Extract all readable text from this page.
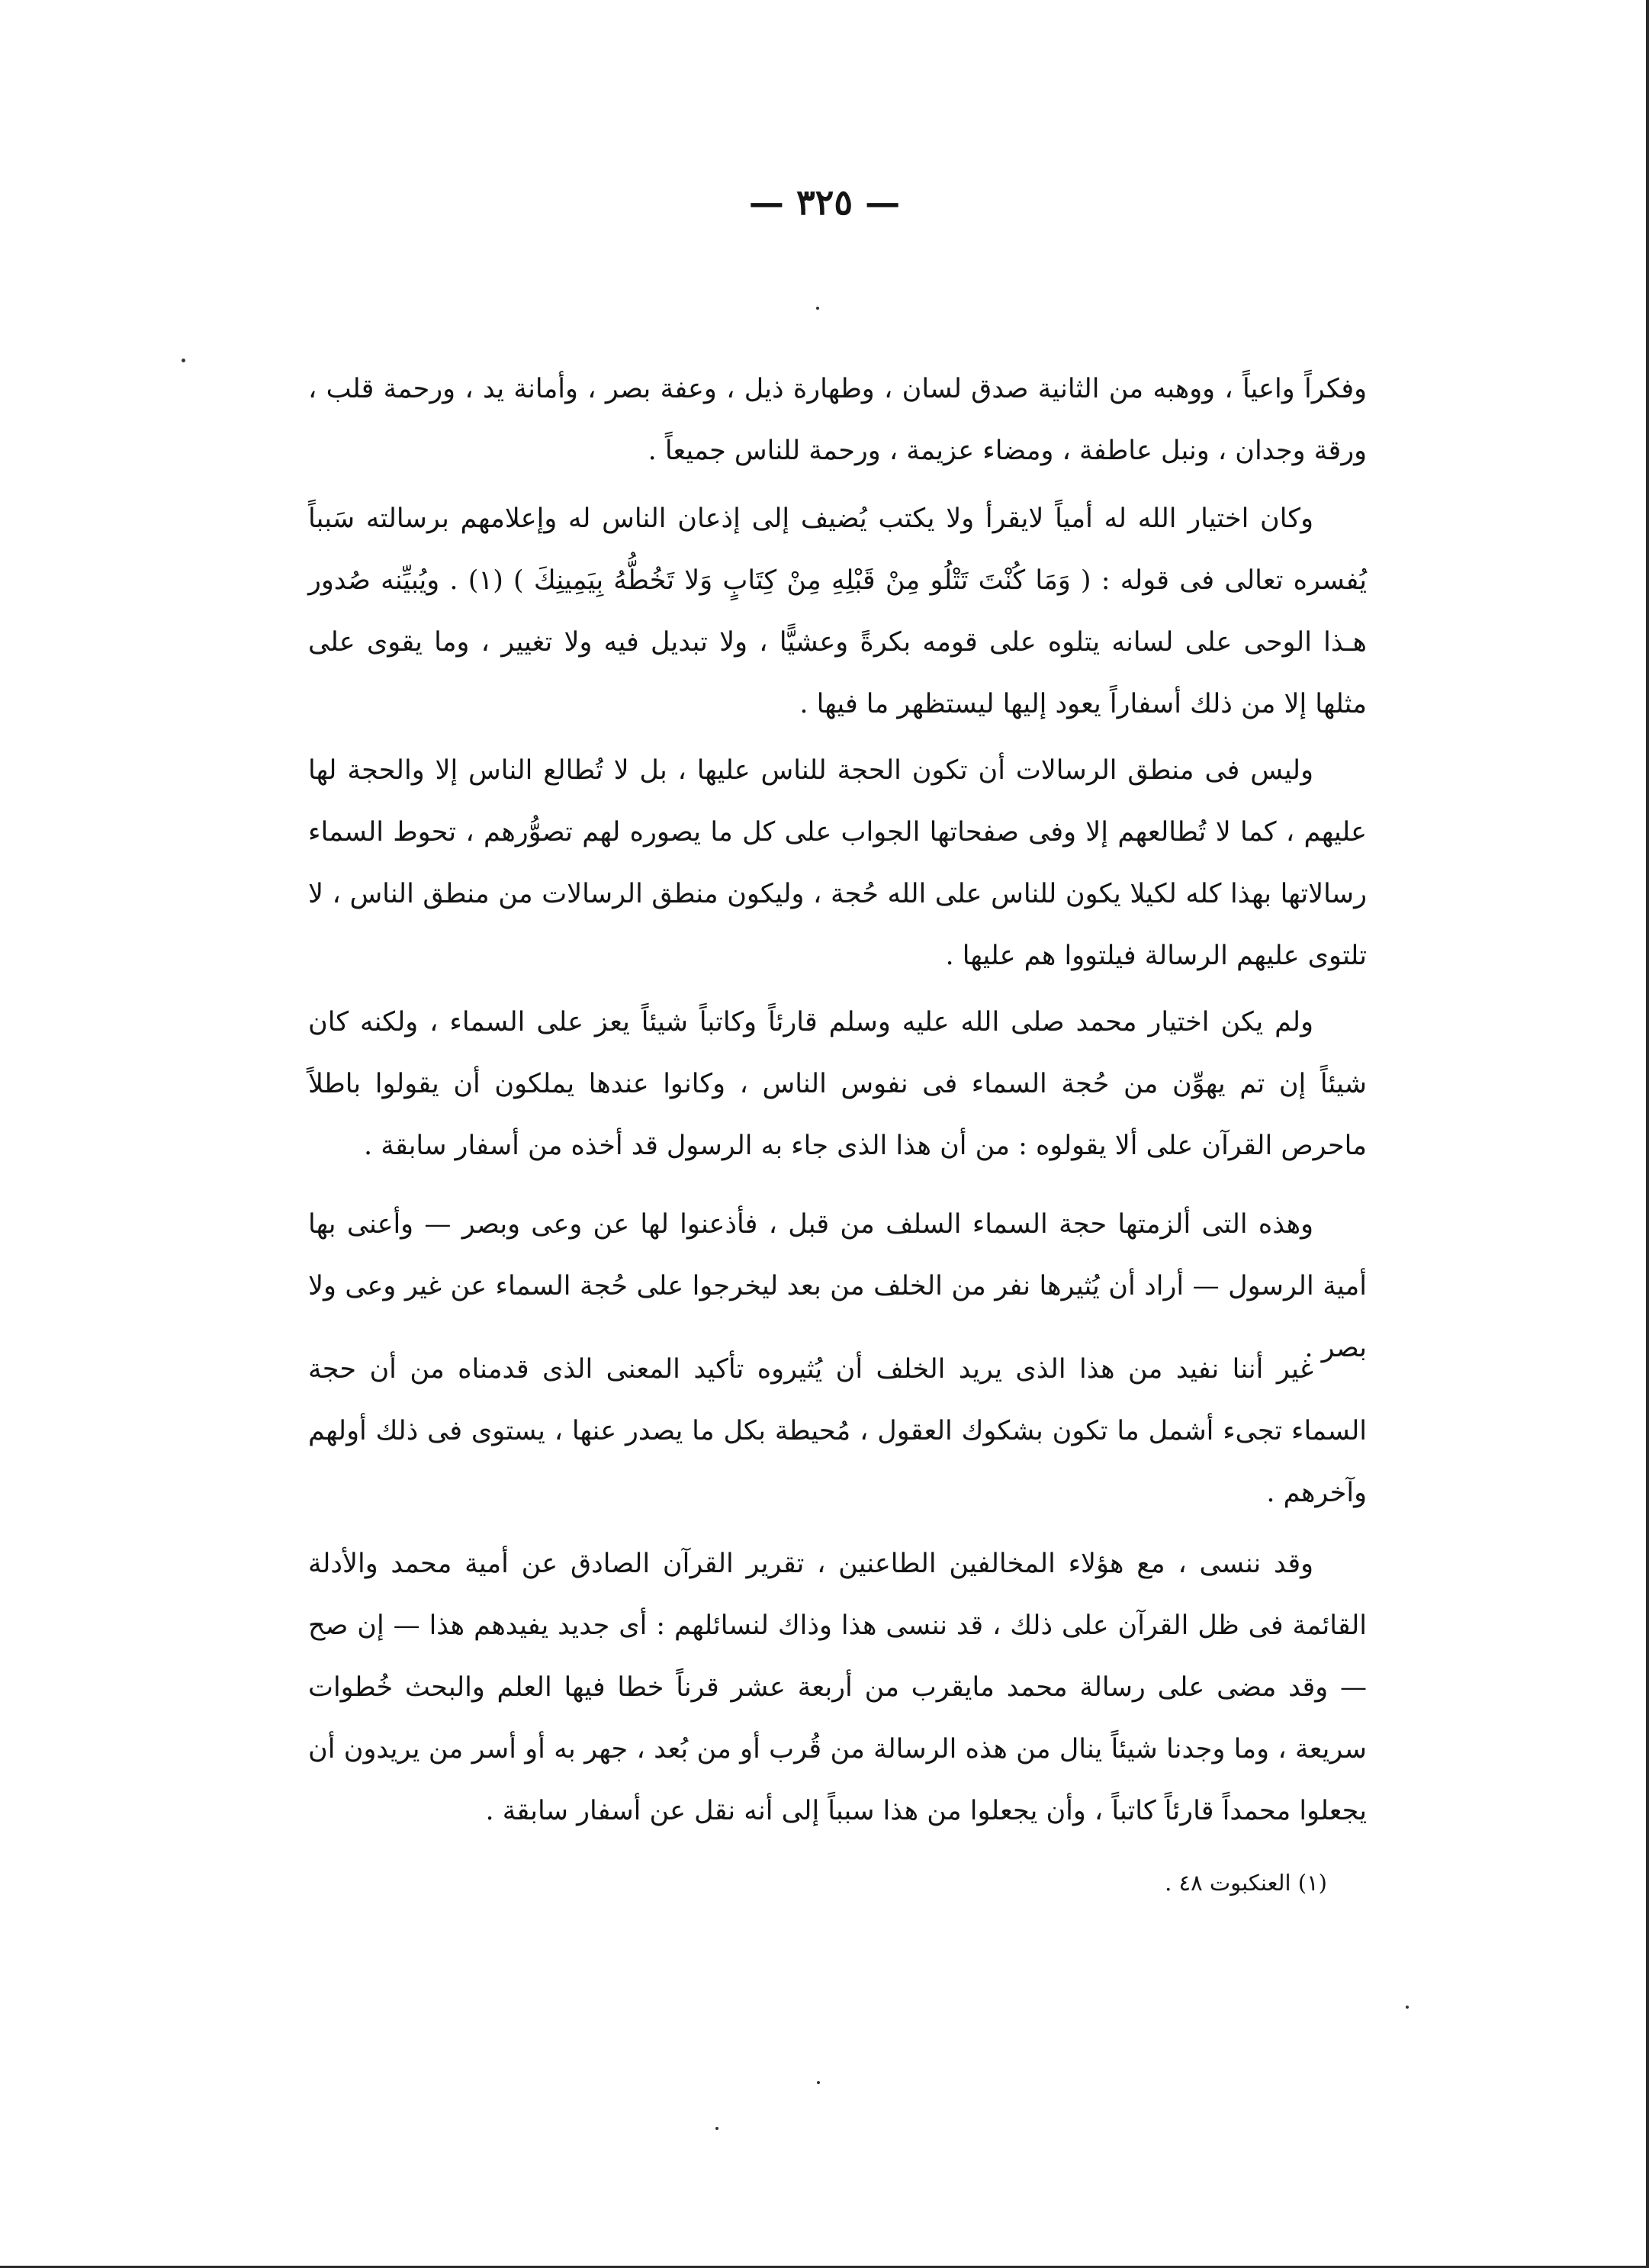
— ٣٢٥ —

وفكراً واعياً ، ووهبه من الثانية صدق لسان ، وطهارة ذيل ، وعفة بصر ، وأمانة يد ، ورحمة قلب ، ورقة وجدان ، ونبل عاطفة ، ومضاء عزيمة ، ورحمة للناس جميعاً .

وكان اختيار الله له أمياً لايقرأ ولا يكتب يُضيف إلى إذعان الناس له وإعلامهم برسالته سَبباً يُفسره تعالى فى قوله : ( وَمَا كُنْتَ تَتْلُو مِنْ قَبْلِهِ مِنْ كِتَابٍ وَلا تَخُطُّهُ بِيَمِينِكَ ) (١) . ويُبيِّنه صُدور هـذا الوحى على لسانه يتلوه على قومه بكرةً وعشيًّا ، ولا تبديل فيه ولا تغيير ، وما يقوى على مثلها إلا من ذلك أسفاراً يعود إليها ليستظهر ما فيها .

وليس فى منطق الرسالات أن تكون الحجة للناس عليها ، بل لا تُطالع الناس إلا والحجة لها عليهم ، كما لا تُطالعهم إلا وفى صفحاتها الجواب على كل ما يصوره لهم تصوُّرهم ، تحوط السماء رسالاتها بهذا كله لكيلا يكون للناس على الله حُجة ، وليكون منطق الرسالات من منطق الناس ، لا تلتوى عليهم الرسالة فيلتووا هم عليها .

ولم يكن اختيار محمد صلى الله عليه وسلم قارئاً وكاتباً شيئاً يعز على السماء ، ولكنه كان شيئاً إن تم يهوِّن من حُجة السماء فى نفوس الناس ، وكانوا عندها يملكون أن يقولوا باطلاً ماحرص القرآن على ألا يقولوه : من أن هذا الذى جاء به الرسول قد أخذه من أسفار سابقة .

وهذه التى ألزمتها حجة السماء السلف من قبل ، فأذعنوا لها عن وعى وبصر — وأعنى بها أمية الرسول — أراد أن يُثيرها نفر من الخلف من بعد ليخرجوا على حُجة السماء عن غير وعى ولا بصر .

غير أننا نفيد من هذا الذى يريد الخلف أن يُثيروه تأكيد المعنى الذى قدمناه من أن حجة السماء تجىء أشمل ما تكون بشكوك العقول ، مُحيطة بكل ما يصدر عنها ، يستوى فى ذلك أولهم وآخرهم .

وقد ننسى ، مع هؤلاء المخالفين الطاعنين ، تقرير القرآن الصادق عن أمية محمد والأدلة القائمة فى ظل القرآن على ذلك ، قد ننسى هذا وذاك لنسائلهم : أى جديد يفيدهم هذا — إن صح — وقد مضى على رسالة محمد مايقرب من أربعة عشر قرناً خطا فيها العلم والبحث خُطوات سريعة ، وما وجدنا شيئاً ينال من هذه الرسالة من قُرب أو من بُعد ، جهر به أو أسر من يريدون أن يجعلوا محمداً قارئاً كاتباً ، وأن يجعلوا من هذا سبباً إلى أنه نقل عن أسفار سابقة .

(١) العنكبوت ٤٨ .
